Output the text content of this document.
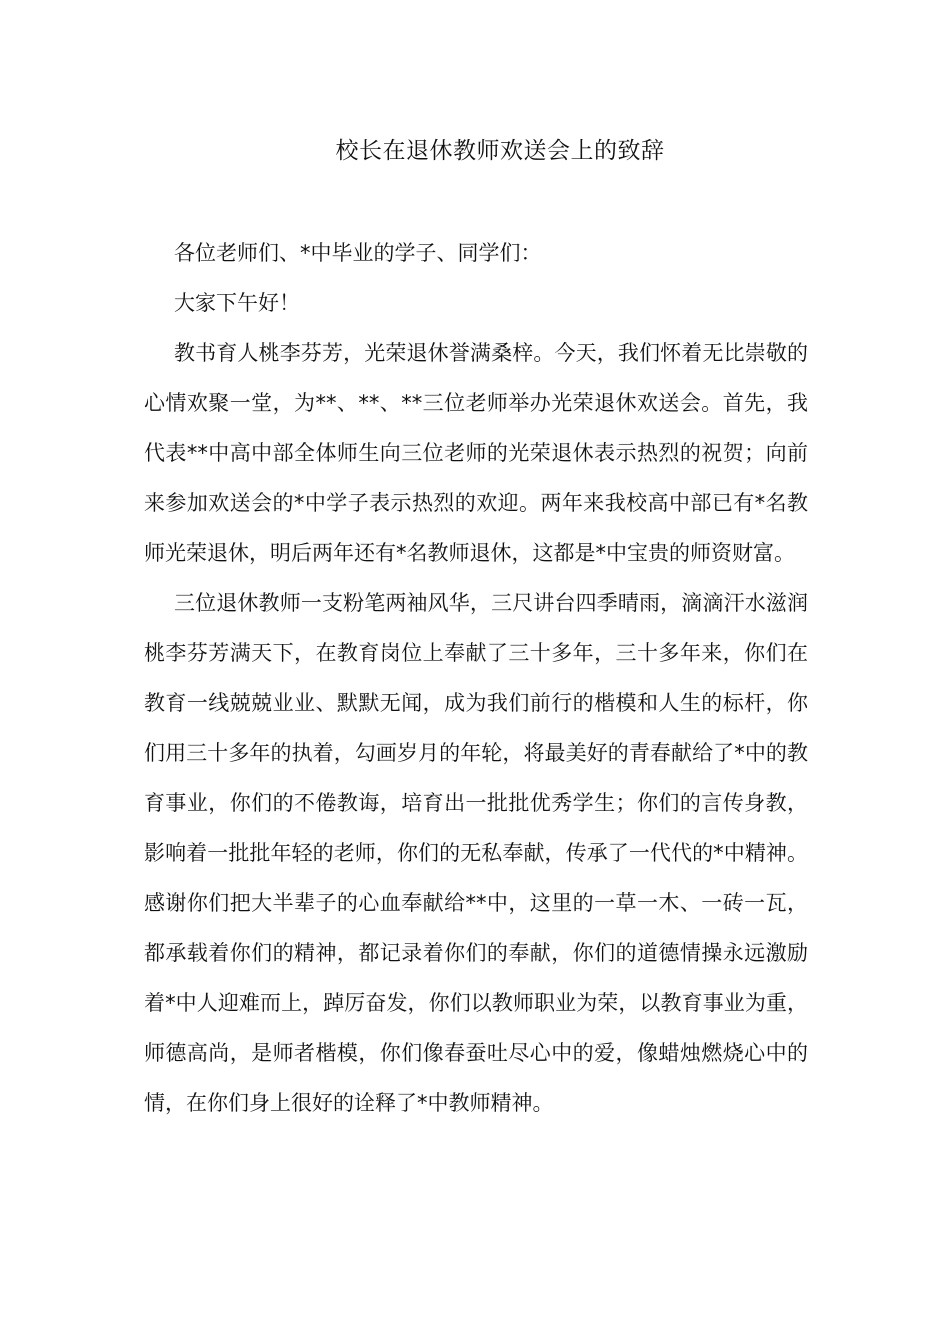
校长在退休教师欢送会上的致辞

各位老师们、*中毕业的学子、同学们：

大家下午好！

教书育人桃李芬芳，光荣退休誉满桑梓。今天，我们怀着无比崇敬的心情欢聚一堂，为**、**、**三位老师举办光荣退休欢送会。首先，我代表**中高中部全体师生向三位老师的光荣退休表示热烈的祝贺；向前来参加欢送会的*中学子表示热烈的欢迎。两年来我校高中部已有*名教师光荣退休，明后两年还有*名教师退休，这都是*中宝贵的师资财富。

三位退休教师一支粉笔两袖风华，三尺讲台四季晴雨，滴滴汗水滋润桃李芬芳满天下，在教育岗位上奉献了三十多年，三十多年来，你们在教育一线兢兢业业、默默无闻，成为我们前行的楷模和人生的标杆，你们用三十多年的执着，勾画岁月的年轮，将最美好的青春献给了*中的教育事业，你们的不倦教诲，培育出一批批优秀学生；你们的言传身教，影响着一批批年轻的老师，你们的无私奉献，传承了一代代的*中精神。感谢你们把大半辈子的心血奉献给**中，这里的一草一木、一砖一瓦，都承载着你们的精神，都记录着你们的奉献，你们的道德情操永远激励着*中人迎难而上，踔厉奋发，你们以教师职业为荣，以教育事业为重，师德高尚，是师者楷模，你们像春蚕吐尽心中的爱，像蜡烛燃烧心中的情，在你们身上很好的诠释了*中教师精神。
